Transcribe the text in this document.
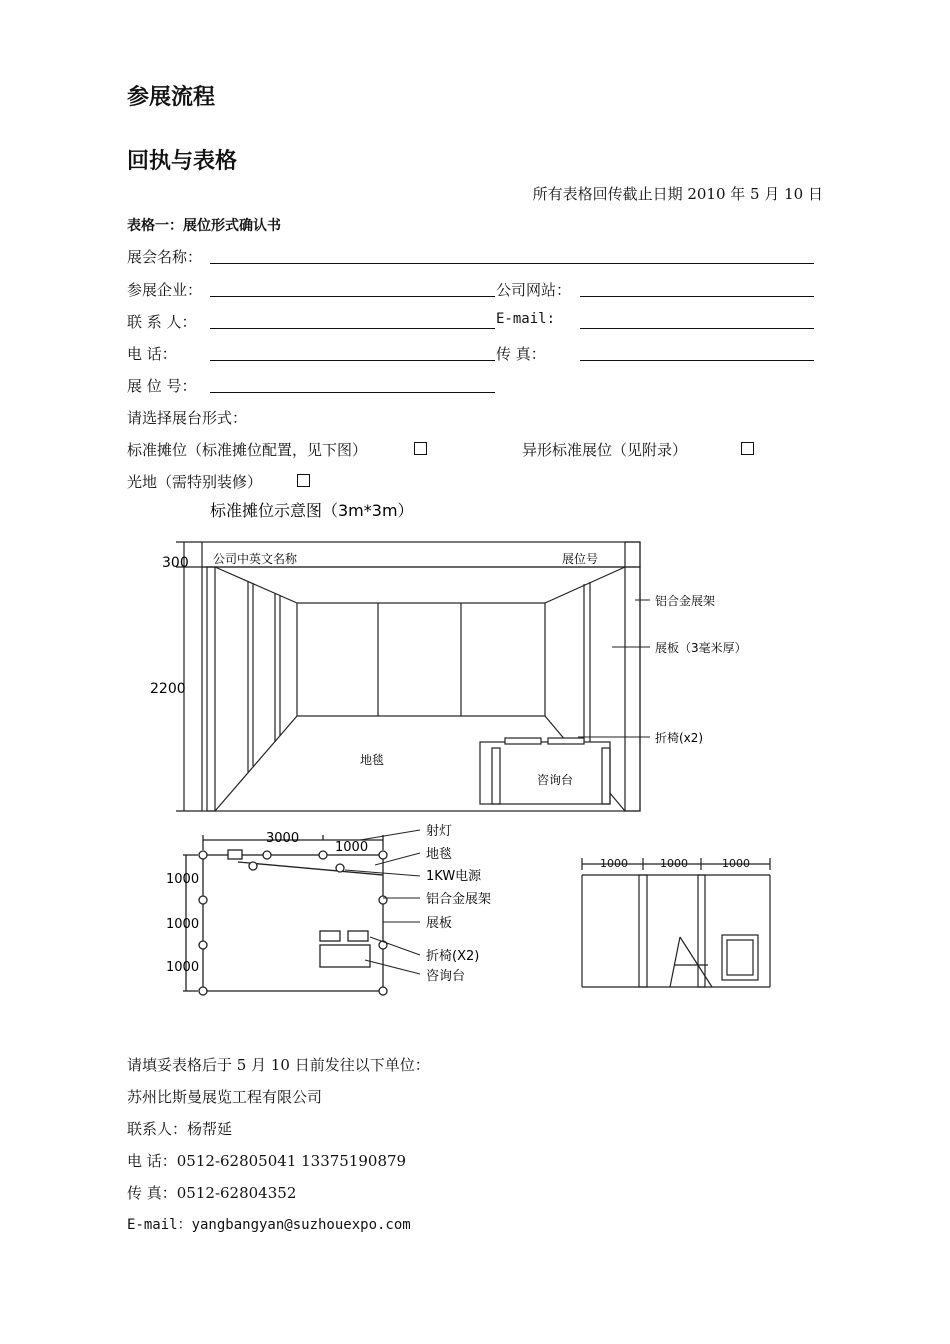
参展流程
回执与表格
所有表格回传截止日期 2010 年 5 月 10 日
表格一：展位形式确认书
展会名称：
参展企业：	公司网站：
联 系 人：	E-mail:
电 话：	传 真：
展 位 号：
请选择展台形式：
标准摊位（标准摊位配置，见下图）	异形标准展位（见附录）
光地（需特别装修）
标准摊位示意图（3m*3m）
公司中英文名称	展位号
地毯
咨询台
300
2200
铝合金展架
展板（3毫米厚）
折椅(x2)
3000
1000
1000
1000
1000
射灯
地毯
1KW电源
铝合金展架
展板
折椅(X2)
咨询台
1000	1000	1000
请填妥表格后于 5 月 10 日前发往以下单位：
苏州比斯曼展览工程有限公司
联系人：杨帮延
电 话：0512-62805041 13375190879
传 真：0512-62804352
E-mail：yangbangyan@suzhouexpo.com
